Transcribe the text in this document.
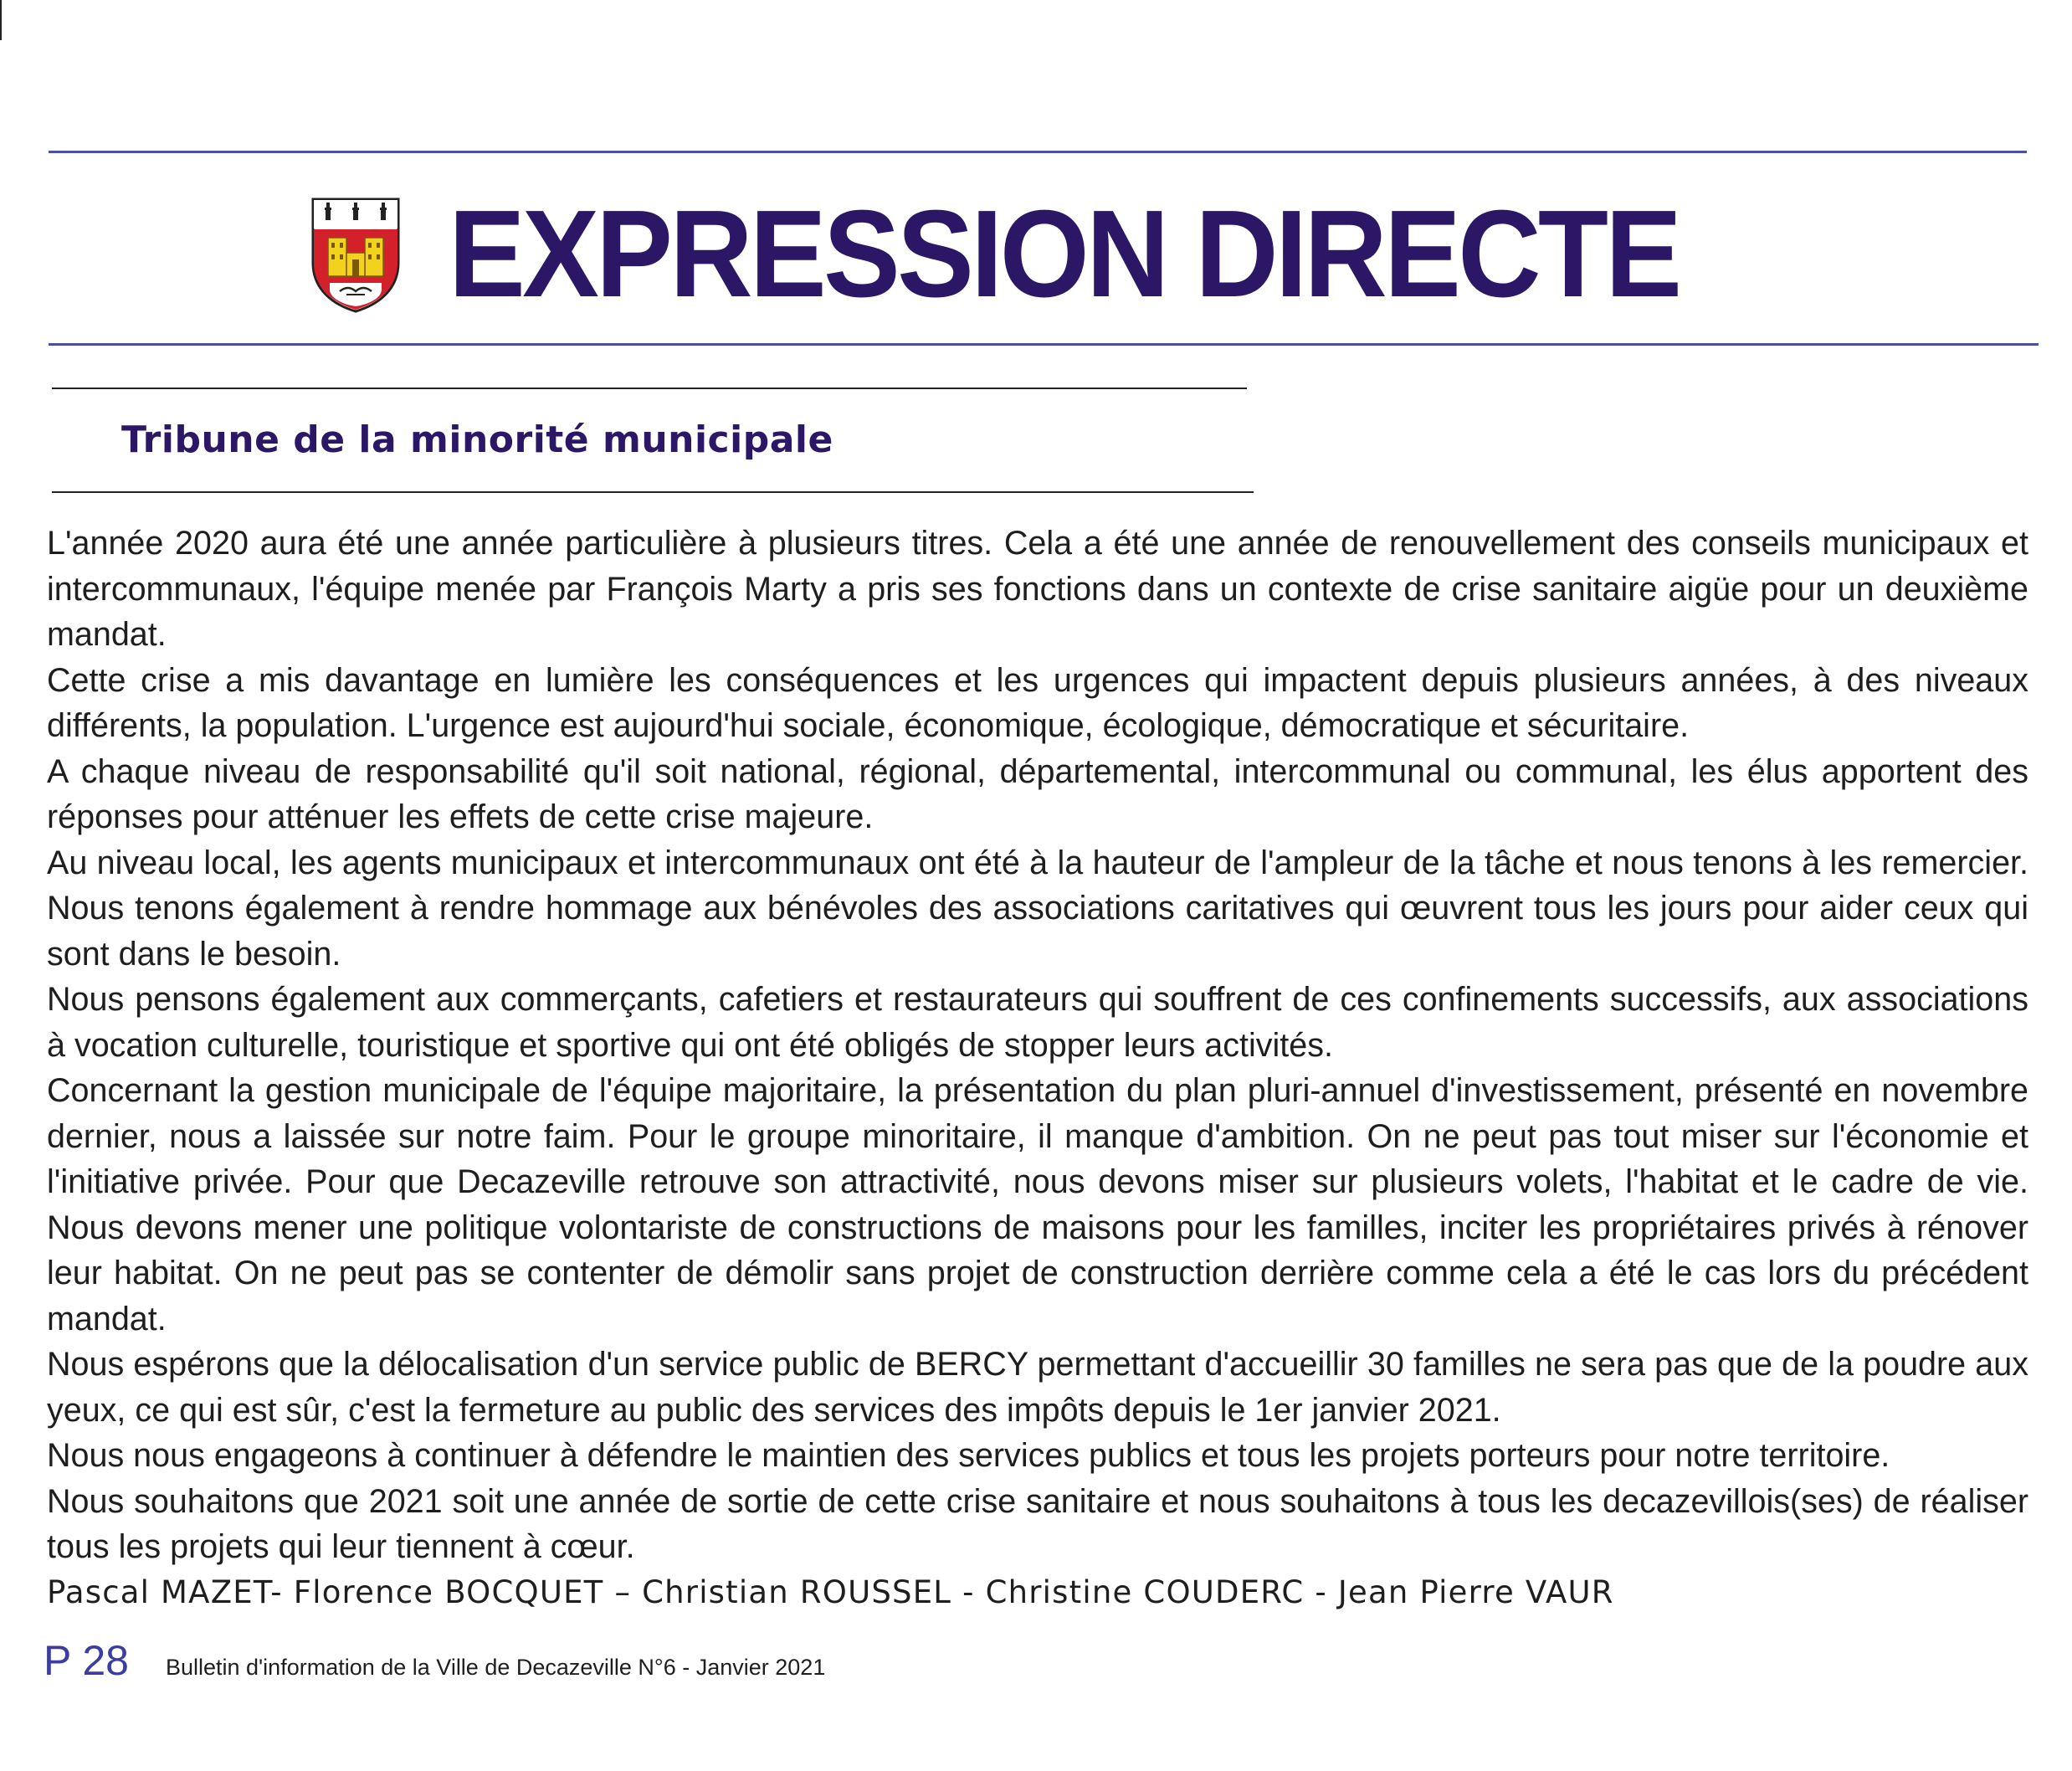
EXPRESSION DIRECTE
Tribune de la minorité municipale

L'année 2020 aura été une année particulière à plusieurs titres. Cela a été une année de renouvellement des conseils municipaux et intercommunaux, l'équipe menée par François Marty a pris ses fonctions dans un contexte de crise sanitaire aigüe pour un deuxième mandat.

Cette crise a mis davantage en lumière les conséquences et les urgences qui impactent depuis plusieurs années, à des niveaux différents, la population. L'urgence est aujourd'hui sociale, économique, écologique, démocratique et sécuritaire.

A chaque niveau de responsabilité qu'il soit national, régional, départemental, intercommunal ou communal, les élus apportent des réponses pour atténuer les effets de cette crise majeure.

Au niveau local, les agents municipaux et intercommunaux ont été à la hauteur de l'ampleur de la tâche et nous tenons à les remercier. Nous tenons également à rendre hommage aux bénévoles des associations caritatives qui œuvrent tous les jours pour aider ceux qui sont dans le besoin.

Nous pensons également aux commerçants, cafetiers et restaurateurs qui souffrent de ces confinements successifs, aux associations à vocation culturelle, touristique et sportive qui ont été obligés de stopper leurs activités.

Concernant la gestion municipale de l'équipe majoritaire, la présentation du plan pluri-annuel d'investissement, présenté en novembre dernier, nous a laissée sur notre faim. Pour le groupe minoritaire, il manque d'ambition. On ne peut pas tout miser sur l'économie et l'initiative privée. Pour que Decazeville retrouve son attractivité, nous devons miser sur plusieurs volets, l'habitat et le cadre de vie. Nous devons mener une politique volontariste de constructions de maisons pour les familles, inciter les propriétaires privés à rénover leur habitat. On ne peut pas se contenter de démolir sans projet de construction derrière comme cela a été le cas lors du précédent mandat.

Nous espérons que la délocalisation d'un service public de BERCY permettant d'accueillir 30 familles ne sera pas que de la poudre aux yeux, ce qui est sûr, c'est la fermeture au public des services des impôts depuis le 1er janvier 2021.

Nous nous engageons à continuer à défendre le maintien des services publics et tous les projets porteurs pour notre territoire.

Nous souhaitons que 2021 soit une année de sortie de cette crise sanitaire et nous souhaitons à tous les decazevillois(ses) de réaliser tous les projets qui leur tiennent à cœur.

Pascal MAZET- Florence BOCQUET – Christian ROUSSEL - Christine COUDERC - Jean Pierre VAUR

P 28 Bulletin d'information de la Ville de Decazeville N°6 - Janvier 2021
